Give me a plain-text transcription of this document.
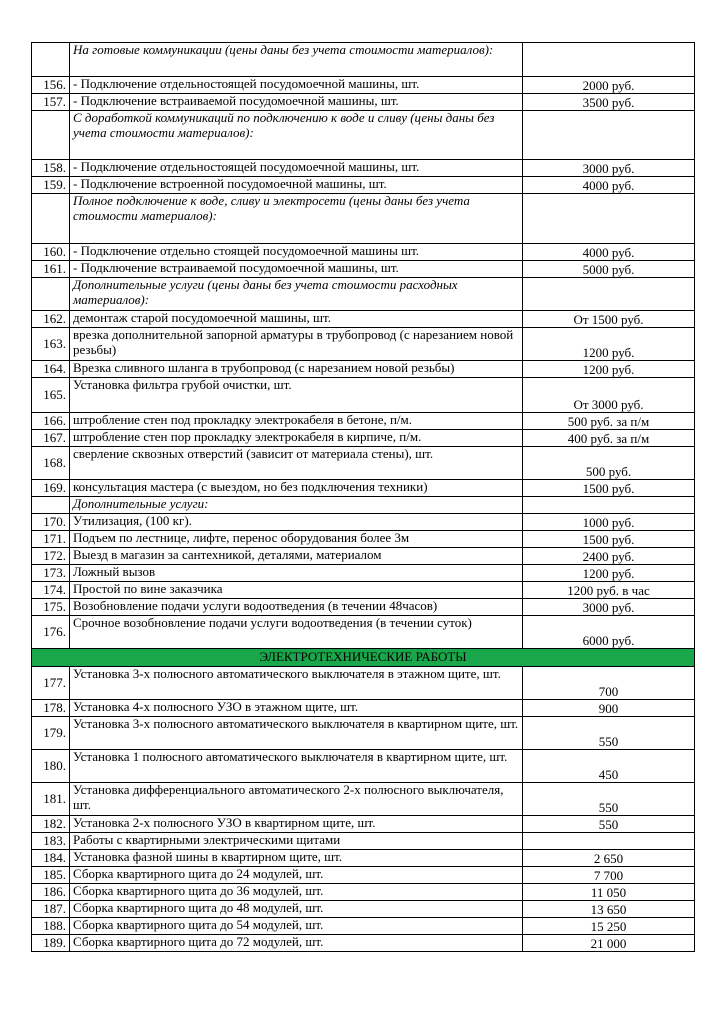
	На готовые коммуникации (цены даны без учета стоимости материалов):	
156.	- Подключение отдельностоящей посудомоечной машины, шт.	2000 руб.
157.	- Подключение встраиваемой посудомоечной машины, шт.	3500 руб.
	С доработкой коммуникаций по подключению к воде и сливу (цены даны без учета стоимости материалов):	
158.	- Подключение отдельностоящей посудомоечной машины, шт.	3000 руб.
159.	- Подключение встроенной посудомоечной машины, шт.	4000 руб.
	Полное подключение к воде, сливу и электросети (цены даны без учета стоимости материалов):	
160.	- Подключение отдельно стоящей посудомоечной машины шт.	4000 руб.
161.	- Подключение встраиваемой посудомоечной машины, шт.	5000 руб.
	Дополнительные услуги (цены даны без учета стоимости расходных материалов):	
162.	демонтаж старой посудомоечной машины, шт.	От 1500 руб.
163.	врезка дополнительной запорной арматуры в трубопровод (с нарезанием новой резьбы)	1200 руб.
164.	Врезка сливного шланга в трубопровод (с нарезанием новой резьбы)	1200 руб.
165.	Установка фильтра грубой очистки, шт.	От 3000 руб.
166.	штробление стен под прокладку электрокабеля в бетоне, п/м.	500 руб. за п/м
167.	штробление стен пор прокладку электрокабеля в кирпиче, п/м.	400 руб. за п/м
168.	сверление сквозных отверстий (зависит от материала стены), шт.	500 руб.
169.	консультация мастера (с выездом, но без подключения техники)	1500 руб.
	Дополнительные услуги:	
170.	Утилизация, (100 кг).	1000 руб.
171.	Подъем по лестнице, лифте, перенос оборудования более 3м	1500 руб.
172.	Выезд в магазин за сантехникой, деталями, материалом	2400 руб.
173.	Ложный вызов	1200 руб.
174.	Простой по вине заказчика	1200 руб. в час
175.	Возобновление подачи услуги водоотведения (в течении 48часов)	3000 руб.
176.	Срочное возобновление подачи услуги водоотведения (в течении суток)	6000 руб.
ЭЛЕКТРОТЕХНИЧЕСКИЕ РАБОТЫ		
177.	Установка 3-х полюсного автоматического выключателя в этажном щите, шт.	700
178.	Установка 4-х полюсного УЗО в этажном щите, шт.	900
179.	Установка 3-х полюсного автоматического выключателя в квартирном щите, шт.	550
180.	Установка 1 полюсного автоматического выключателя в квартирном щите, шт.	450
181.	Установка дифференциального автоматического 2-х полюсного выключателя, шт.	550
182.	Установка 2-х полюсного УЗО в квартирном щите, шт.	550
183.	Работы с квартирными электрическими щитами	
184.	Установка фазной шины в квартирном щите, шт.	2 650
185.	Сборка квартирного щита до 24 модулей, шт.	7 700
186.	Сборка квартирного щита до 36 модулей, шт.	11 050
187.	Сборка квартирного щита до 48 модулей, шт.	13 650
188.	Сборка квартирного щита до 54 модулей, шт.	15 250
189.	Сборка квартирного щита до 72 модулей, шт.	21 000
